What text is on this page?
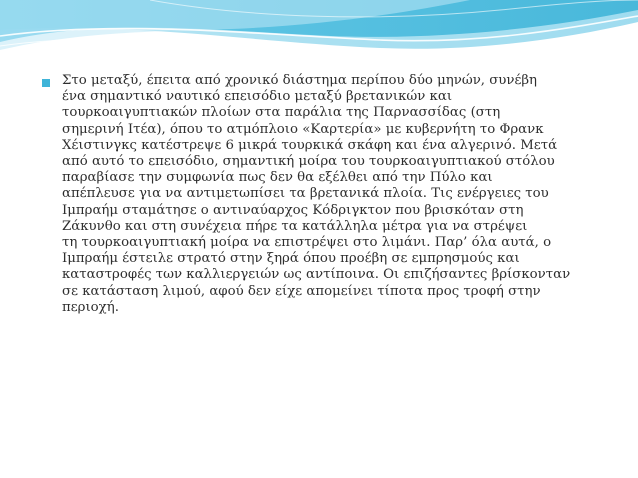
Στο μεταξύ, έπειτα από χρονικό διάστημα περίπου δύο μηνών, συνέβη
ένα σημαντικό ναυτικό επεισόδιο μεταξύ βρετανικών και
τουρκοαιγυπτιακών πλοίων στα παράλια της Παρνασσίδας (στη
σημερινή Ιτέα), όπου το ατμόπλοιο «Καρτερία» με κυβερνήτη το Φρανκ
Χέιστινγκς κατέστρεψε 6 μικρά τουρκικά σκάφη και ένα αλγερινό. Μετά
από αυτό το επεισόδιο, σημαντική μοίρα του τουρκοαιγυπτιακού στόλου
παραβίασε την συμφωνία πως δεν θα εξέλθει από την Πύλο και
απέπλευσε για να αντιμετωπίσει τα βρετανικά πλοία. Τις ενέργειες του
Ιμπραήμ σταμάτησε ο αντιναύαρχος Κόδριγκτον που βρισκόταν στη
Ζάκυνθο και στη συνέχεια πήρε τα κατάλληλα μέτρα για να στρέψει
τη τουρκοαιγυπτιακή μοίρα να επιστρέψει στο λιμάνι. Παρ’ όλα αυτά, ο
Ιμπραήμ έστειλε στρατό στην ξηρά όπου προέβη σε εμπρησμούς και
καταστροφές των καλλιεργειών ως αντίποινα. Οι επιζήσαντες βρίσκονταν
σε κατάσταση λιμού, αφού δεν είχε απομείνει τίποτα προς τροφή στην
περιοχή.
